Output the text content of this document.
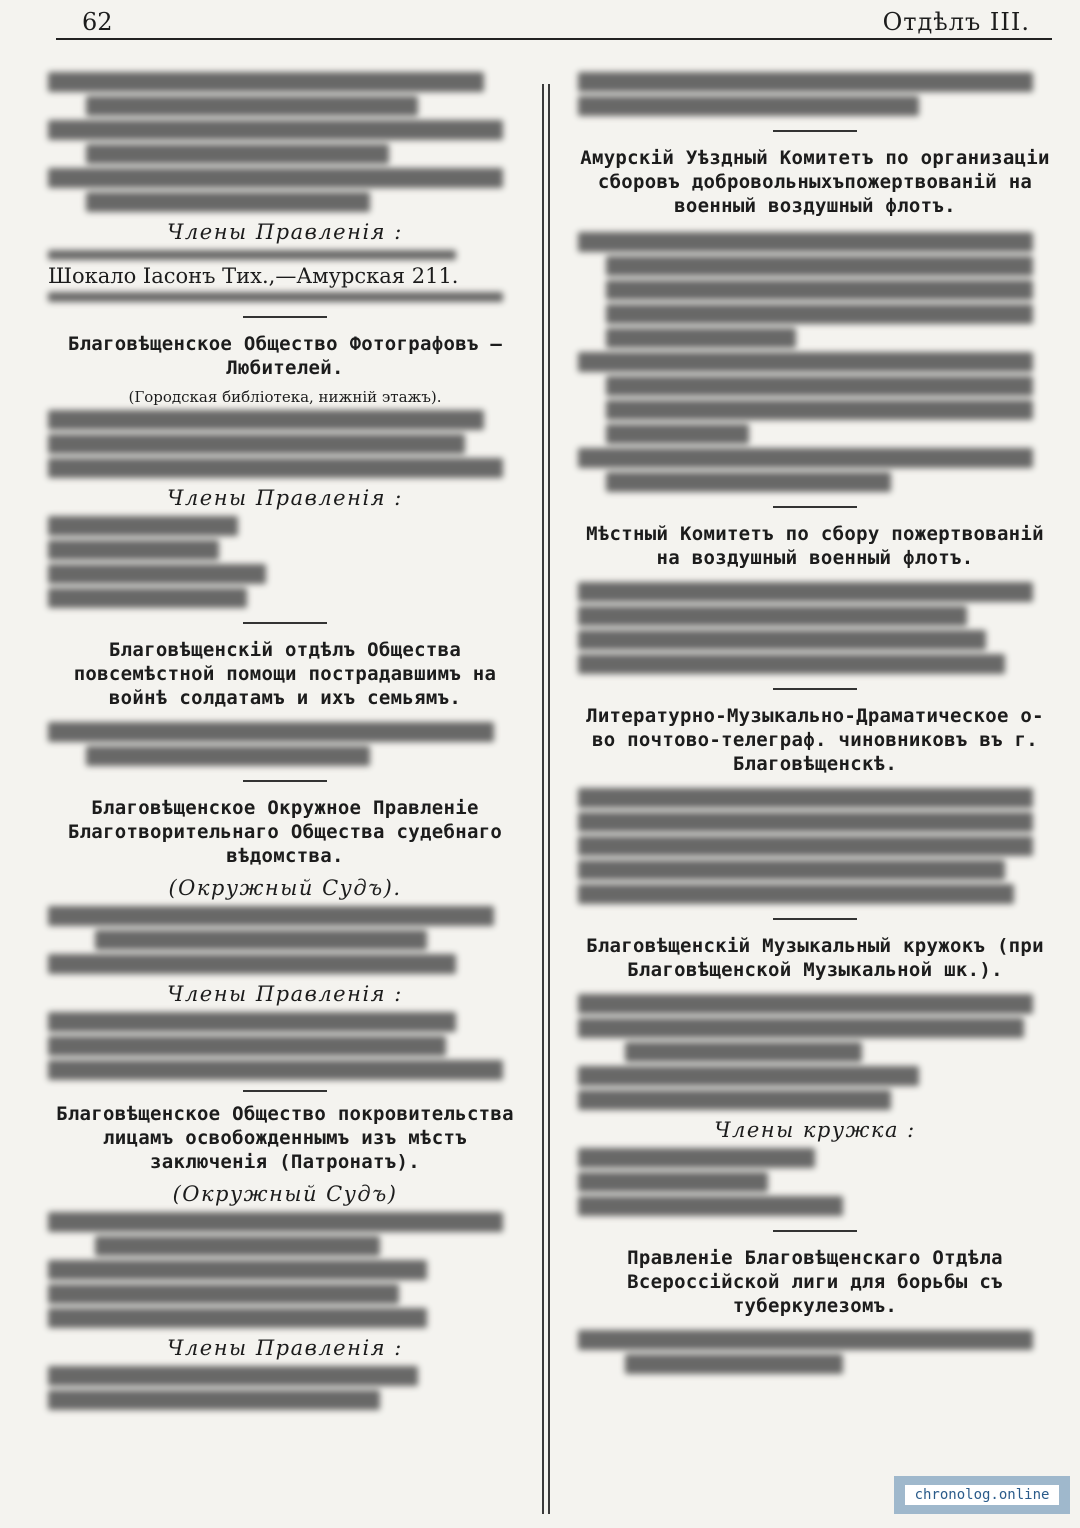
62	Отдѣлъ III.
Члены Правленія :

Шокало Іасонъ Тих.,—Амурская 211.

Благовѣщенское Общество Фотографовъ —Любителей.

(Городская библіотека, нижній этажъ).

Члены Правленія :

Благовѣщенскій отдѣлъ Общества повсемѣстной помощи пострадавшимъ на войнѣ солдатамъ и ихъ семьямъ.

Благовѣщенское Окружное Правленіе Благотворительнаго Общества судебнаго вѣдомства.

(Окружный Судъ).
Члены Правленія :

Благовѣщенское Общество покровительства лицамъ освобожденнымъ изъ мѣстъ заключенія (Патронатъ).

(Окружный Судъ)
Члены Правленія :

Амурскій Уѣздный Комитетъ по организаціи сборовъ добровольныхъпожертвованій на военный воздушный флотъ.

Мѣстный Комитетъ по сбору пожертвованій на воздушный военный флотъ.

Литературно-Музыкально-Драматическое о-во почтово-телеграф. чиновниковъ въ г. Благовѣщенскѣ.

Благовѣщенскій Музыкальный кружокъ (при Благовѣщенской Музыкальной шк.).

Члены кружка :

Правленіе Благовѣщенскаго Отдѣла Всероссійской лиги для борьбы съ туберкулезомъ.

chronolog.online
